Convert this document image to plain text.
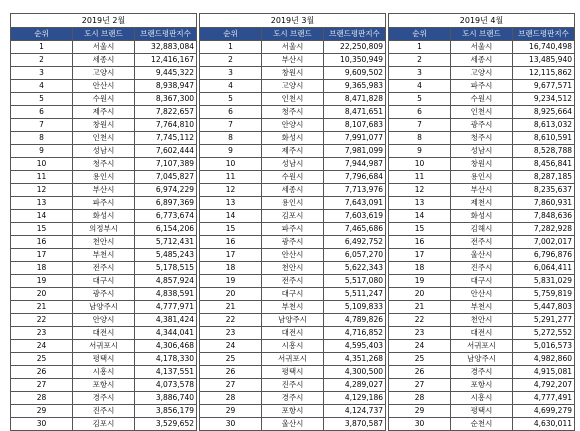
2019년 2월		
순위	도시 브랜드	브랜드평판지수
1	서울시	32,883,084
2	세종시	12,416,167
3	고양시	9,445,322
4	안산시	8,938,947
5	수원시	8,367,300
6	제주시	7,822,657
7	창원시	7,764,810
8	인천시	7,745,112
9	성남시	7,602,444
10	청주시	7,107,389
11	용인시	7,045,827
12	부산시	6,974,229
13	파주시	6,897,369
14	화성시	6,773,674
15	의정부시	6,154,206
16	천안시	5,712,431
17	부천시	5,485,243
18	전주시	5,178,515
19	대구시	4,857,924
20	광주시	4,838,591
21	남양주시	4,777,971
22	안양시	4,381,424
23	대전시	4,344,041
24	서귀포시	4,306,468
25	평택시	4,178,330
26	시흥시	4,137,551
27	포항시	4,073,578
28	경주시	3,886,740
29	진주시	3,856,179
30	김포시	3,529,652
2019년 3월		
순위	도시 브랜드	브랜드평판지수
1	서울시	22,250,809
2	부산시	10,350,949
3	창원시	9,609,502
4	고양시	9,365,983
5	인천시	8,471,828
6	청주시	8,471,651
7	안양시	8,107,683
8	화성시	7,991,077
9	제주시	7,981,099
10	성남시	7,944,987
11	수원시	7,796,684
12	세종시	7,713,976
13	용인시	7,643,091
14	김포시	7,603,619
15	파주시	7,465,686
16	광주시	6,492,752
17	안산시	6,057,270
18	천안시	5,622,343
19	전주시	5,517,080
20	대구시	5,511,247
21	부천시	5,109,833
22	남양주시	4,789,826
23	대전시	4,716,852
24	시흥시	4,595,403
25	서귀포시	4,351,268
26	평택시	4,300,500
27	진주시	4,289,027
28	경주시	4,129,186
29	포항시	4,124,737
30	울산시	3,870,587
2019년 4월		
순위	도시 브랜드	브랜드평판지수
1	서울시	16,740,498
2	세종시	13,485,940
3	고양시	12,115,862
4	파주시	9,677,571
5	수원시	9,234,512
6	인천시	8,925,664
7	광주시	8,613,032
8	청주시	8,610,591
9	성남시	8,528,788
10	창원시	8,456,841
11	용인시	8,287,185
12	부산시	8,235,637
13	제천시	7,860,931
14	화성시	7,848,636
15	김해시	7,282,928
16	전주시	7,002,017
17	울산시	6,796,876
18	진주시	6,064,411
19	대구시	5,831,029
20	안산시	5,759,819
21	부천시	5,447,803
22	천안시	5,291,277
23	대전시	5,272,552
24	서귀포시	5,016,573
25	남양주시	4,982,860
26	경주시	4,915,081
27	포항시	4,792,207
28	시흥시	4,777,491
29	평택시	4,699,279
30	순천시	4,630,011
